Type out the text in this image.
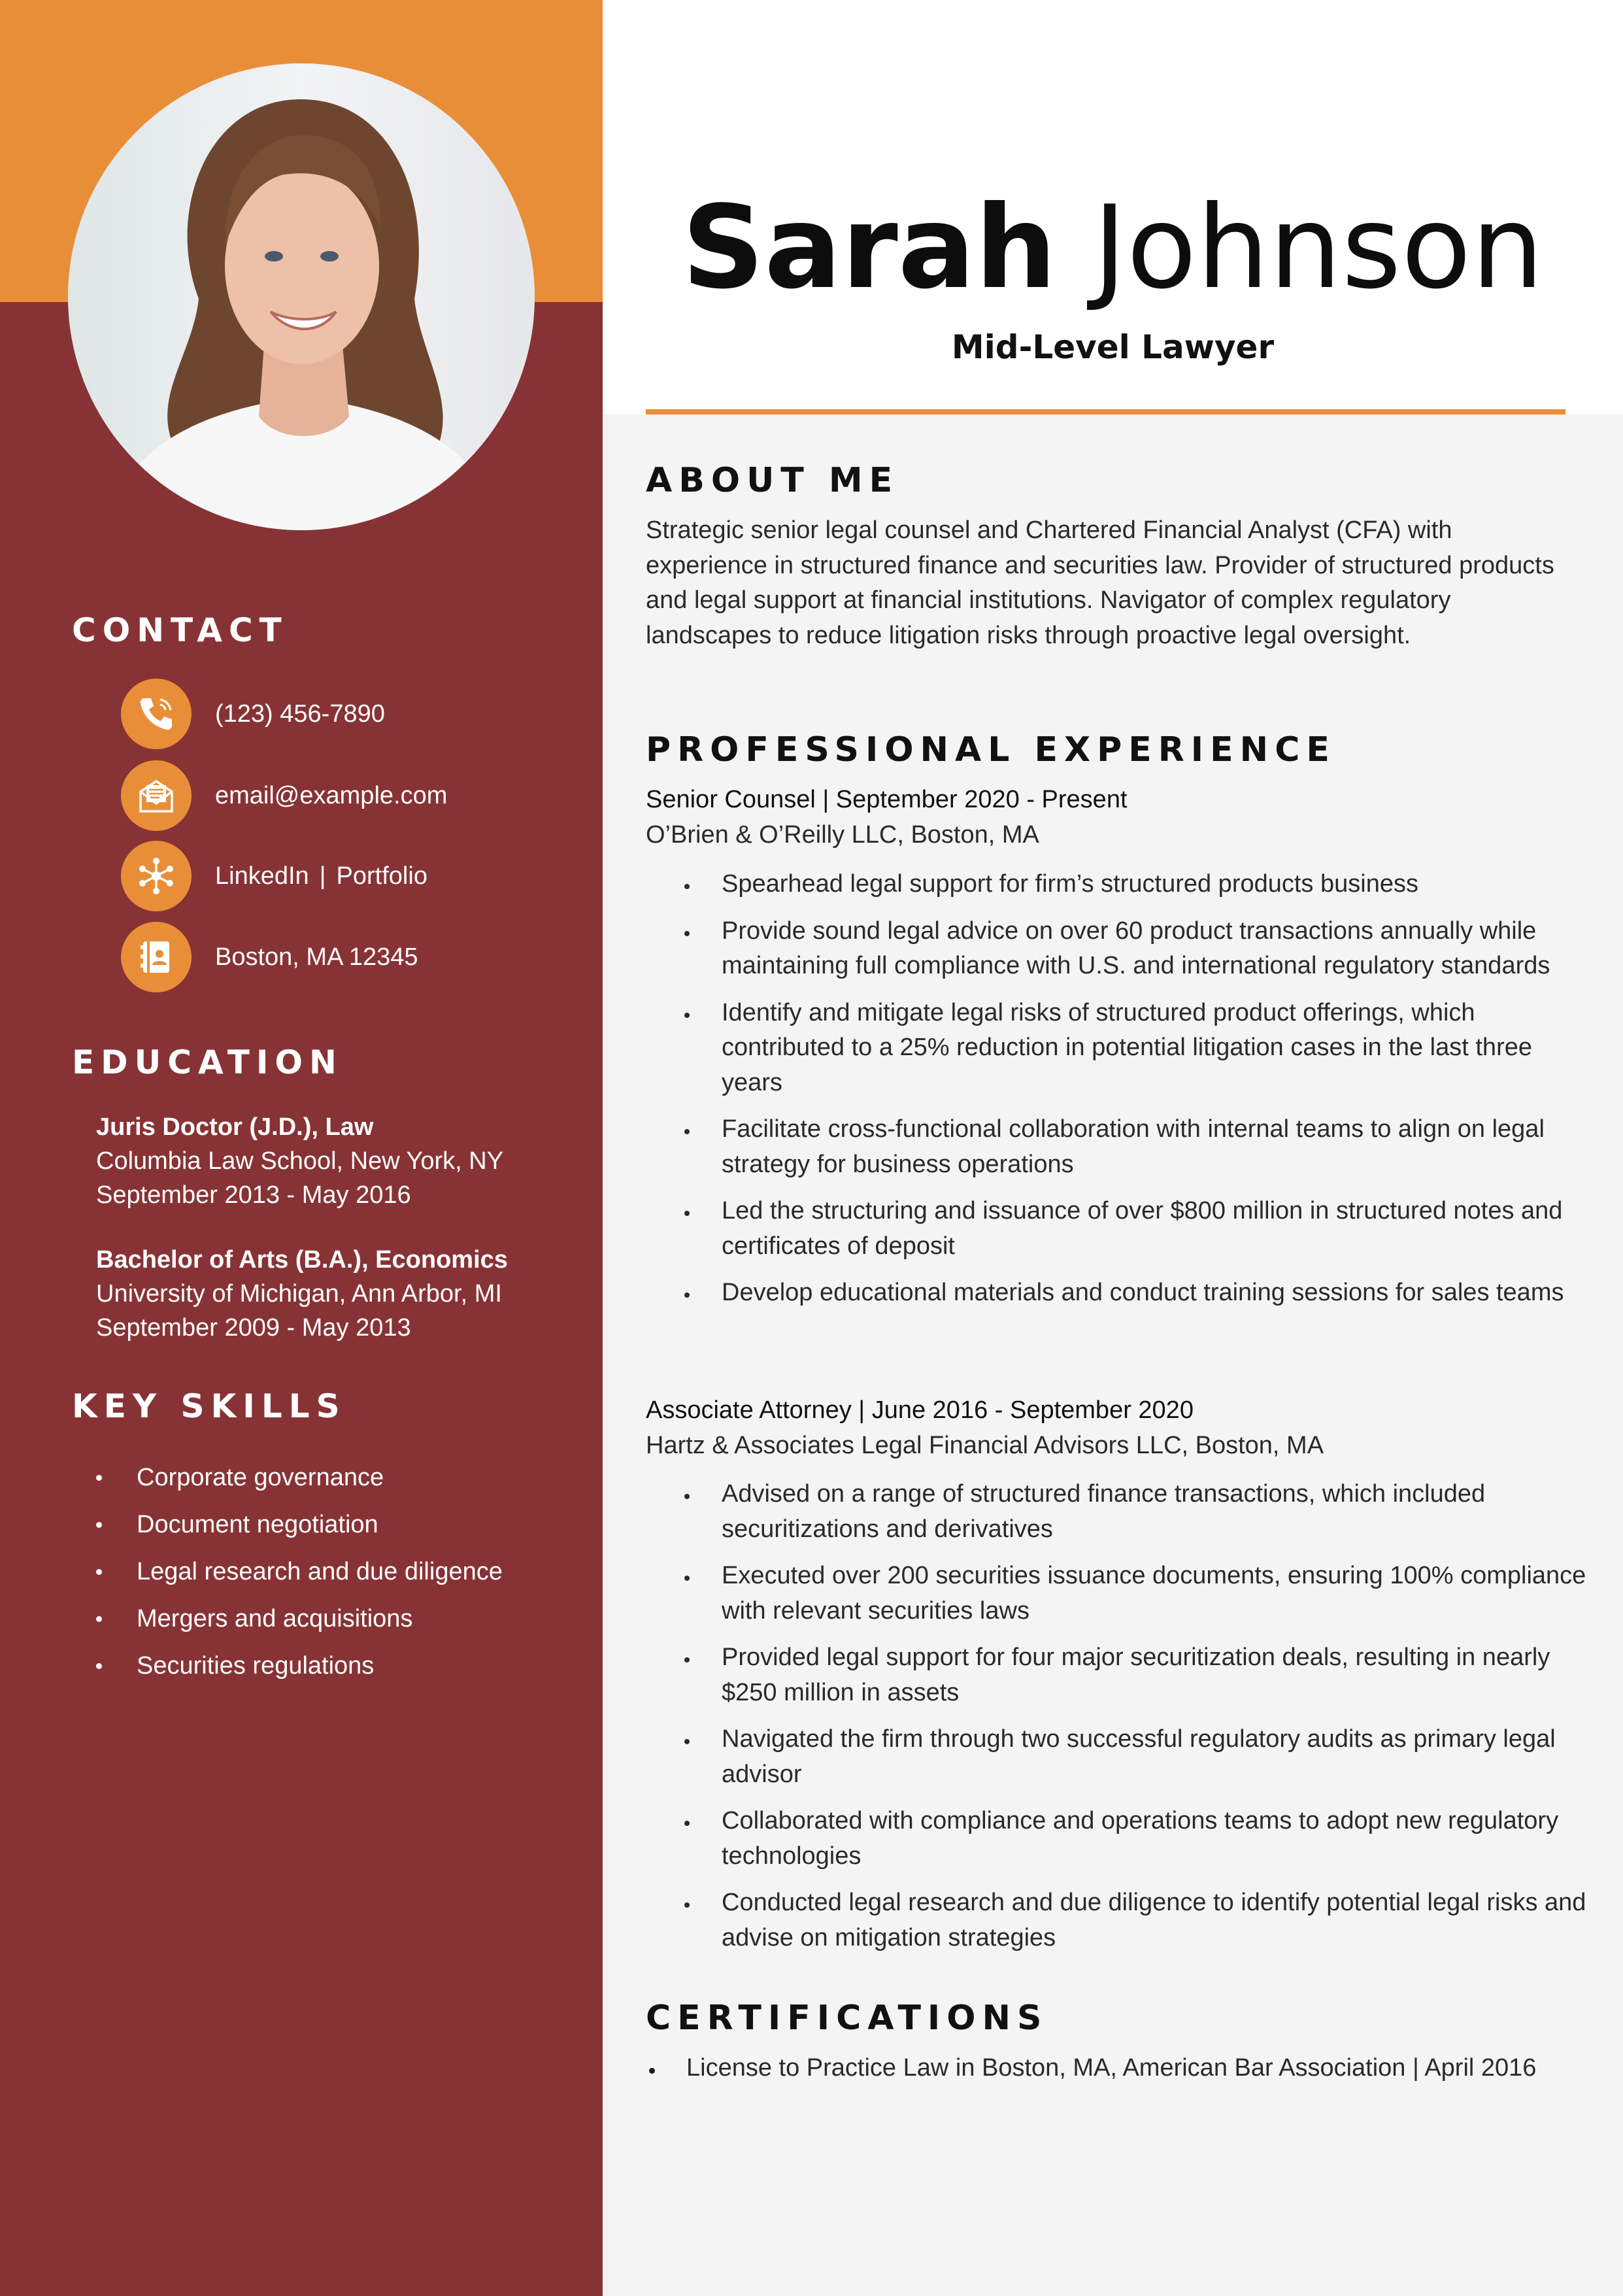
CONTACT
(123) 456-7890
email@example.com
LinkedIn | Portfolio
Boston, MA 12345
EDUCATION
Juris Doctor (J.D.), Law
Columbia Law School, New York, NY
September 2013 - May 2016
Bachelor of Arts (B.A.), Economics
University of Michigan, Ann Arbor, MI
September 2009 - May 2013
KEY SKILLS
Corporate governance
Document negotiation
Legal research and due diligence
Mergers and acquisitions
Securities regulations
Sarah Johnson
Mid-Level Lawyer
ABOUT ME
Strategic senior legal counsel and Chartered Financial Analyst (CFA) with experience in structured finance and securities law. Provider of structured products and legal support at financial institutions. Navigator of complex regulatory landscapes to reduce litigation risks through proactive legal oversight.
PROFESSIONAL EXPERIENCE
Senior Counsel | September 2020 - Present
O’Brien & O’Reilly LLC, Boston, MA
Spearhead legal support for firm’s structured products business
Provide sound legal advice on over 60 product transactions annually while maintaining full compliance with U.S. and international regulatory standards
Identify and mitigate legal risks of structured product offerings, which contributed to a 25% reduction in potential litigation cases in the last three years
Facilitate cross-functional collaboration with internal teams to align on legal strategy for business operations
Led the structuring and issuance of over $800 million in structured notes and certificates of deposit
Develop educational materials and conduct training sessions for sales teams
Associate Attorney | June 2016 - September 2020
Hartz & Associates Legal Financial Advisors LLC, Boston, MA
Advised on a range of structured finance transactions, which included securitizations and derivatives
Executed over 200 securities issuance documents, ensuring 100% compliance with relevant securities laws
Provided legal support for four major securitization deals, resulting in nearly $250 million in assets
Navigated the firm through two successful regulatory audits as primary legal advisor
Collaborated with compliance and operations teams to adopt new regulatory technologies
Conducted legal research and due diligence to identify potential legal risks and advise on mitigation strategies
CERTIFICATIONS
License to Practice Law in Boston, MA, American Bar Association | April 2016
